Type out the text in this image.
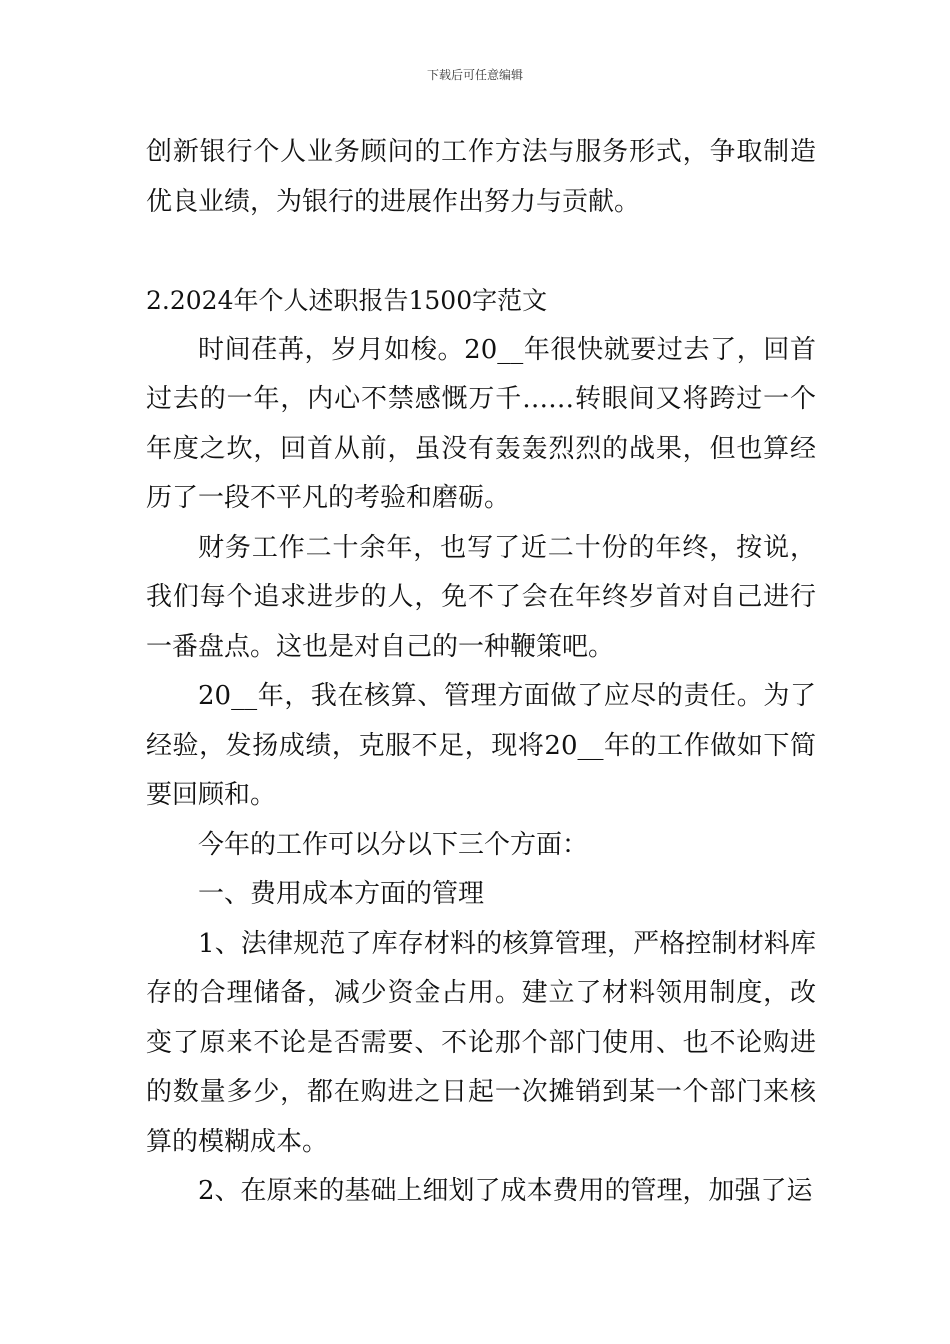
下载后可任意编辑

创新银行个人业务顾问的工作方法与服务形式，争取制造优良业绩，为银行的进展作出努力与贡献。

2.2024年个人述职报告1500字范文

时间荏苒，岁月如梭。20__年很快就要过去了，回首过去的一年，内心不禁感慨万千……转眼间又将跨过一个年度之坎，回首从前，虽没有轰轰烈烈的战果，但也算经历了一段不平凡的考验和磨砺。

财务工作二十余年，也写了近二十份的年终，按说，我们每个追求进步的人，免不了会在年终岁首对自己进行一番盘点。这也是对自己的一种鞭策吧。

20__年，我在核算、管理方面做了应尽的责任。为了经验，发扬成绩，克服不足，现将20__年的工作做如下简要回顾和。

今年的工作可以分以下三个方面：

一、费用成本方面的管理

1、法律规范了库存材料的核算管理，严格控制材料库存的合理储备，减少资金占用。建立了材料领用制度，改变了原来不论是否需要、不论那个部门使用、也不论购进的数量多少，都在购进之日起一次摊销到某一个部门来核算的模糊成本。

2、在原来的基础上细划了成本费用的管理，加强了运
